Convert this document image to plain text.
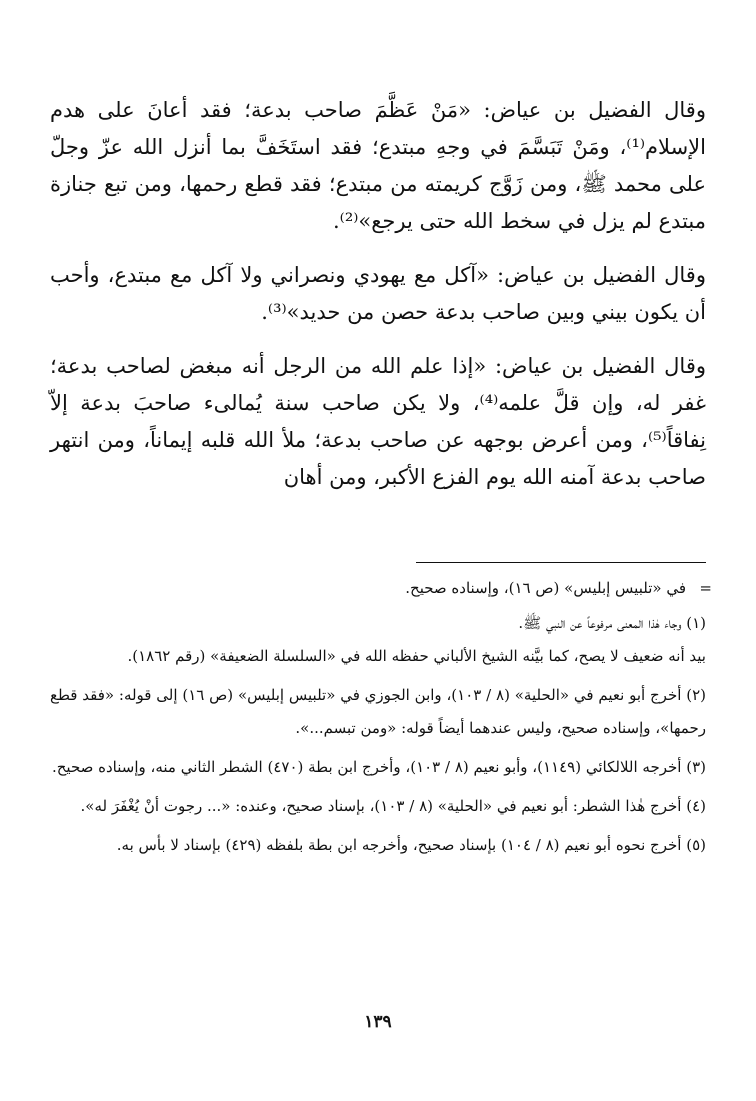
وقال الفضيل بن عياض: «مَنْ عَظَّمَ صاحب بدعة؛ فقد أعانَ على هدم الإسلام⁽¹⁾، ومَنْ تَبَسَّمَ في وجهِ مبتدع؛ فقد استَخَفَّ بما أنزل الله عزّ وجلّ على محمد ﷺ، ومن زَوَّج كريمته من مبتدع؛ فقد قطع رحمها، ومن تبع جنازة مبتدع لم يزل في سخط الله حتى يرجع»⁽²⁾.

وقال الفضيل بن عياض: «آكل مع يهودي ونصراني ولا آكل مع مبتدع، وأحب أن يكون بيني وبين صاحب بدعة حصن من حديد»⁽³⁾.

وقال الفضيل بن عياض: «إذا علم الله من الرجل أنه مبغض لصاحب بدعة؛ غفر له، وإن قلَّ علمه⁽⁴⁾، ولا يكن صاحب سنة يُمالىء صاحبَ بدعة إلاّ نِفاقاً⁽⁵⁾، ومن أعرض بوجهه عن صاحب بدعة؛ ملأ الله قلبه إيماناً، ومن انتهر صاحب بدعة آمنه الله يوم الفزع الأكبر، ومن أهان

=
في «تلبيس إبليس» (ص ١٦)، وإسناده صحيح.

(١) وجاء هٰذا المعنى مرفوعاً عن النبي ﷺ.

بيد أنه ضعيف لا يصح، كما بيَّنه الشيخ الألباني حفظه الله في «السلسلة الضعيفة» (رقم ١٨٦٢).

(٢) أخرج أبو نعيم في «الحلية» (٨ / ١٠٣)، وابن الجوزي في «تلبيس إبليس» (ص ١٦) إلى قوله: «فقد قطع رحمها»، وإسناده صحيح، وليس عندهما أيضاً قوله: «ومن تبسم...».

(٣) أخرجه اللالكائي (١١٤٩)، وأبو نعيم (٨ / ١٠٣)، وأخرج ابن بطة (٤٧٠) الشطر الثاني منه، وإسناده صحيح.

(٤) أخرج هٰذا الشطر: أبو نعيم في «الحلية» (٨ / ١٠٣)، بإسناد صحيح، وعنده: «... رجوت أنْ يُغْفَرَ له».

(٥) أخرج نحوه أبو نعيم (٨ / ١٠٤) بإسناد صحيح، وأخرجه ابن بطة بلفظه (٤٢٩) بإسناد لا بأس به.

١٣٩
